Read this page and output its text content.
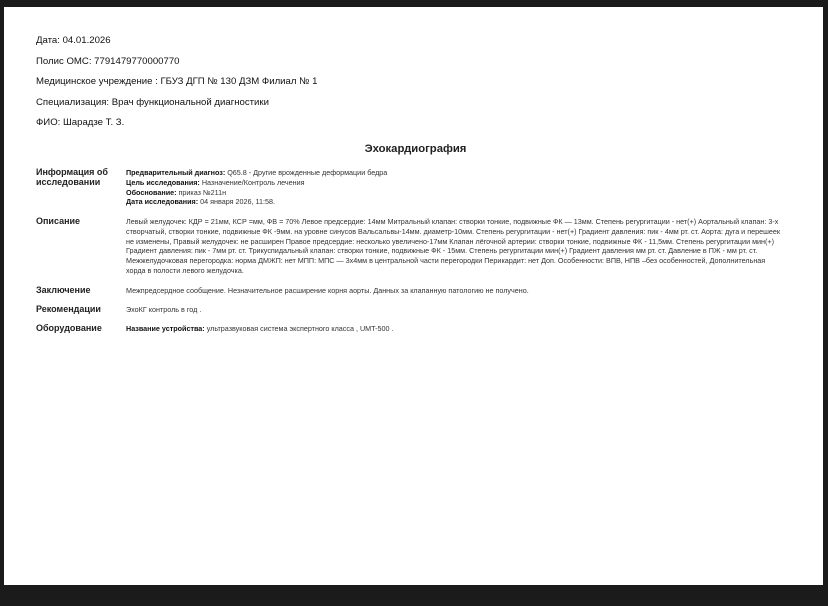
Дата: 04.01.2026
Полис ОМС: 7791479770000770
Медицинское учреждение : ГБУЗ ДГП № 130 ДЗМ Филиал № 1
Специализация: Врач функциональной диагностики
ФИО: Шарадзе Т. З.
Эхокардиография
Информация об исследовании
Предварительный диагноз: Q65.8 - Другие врожденные деформации бедра
Цель исследования: Назначение/Контроль лечения
Обоснование: приказ №211н
Дата исследования: 04 января 2026, 11:58.
Описание	Левый желудочек: КДР = 21мм, КСР =мм, ФВ = 70% Левое предсердие: 14мм Митральный клапан: створки тонкие, подвижные ФК — 13мм. Степень регургитации - нет(+) Аортальный клапан: 3-х створчатый, створки тонкие, подвижные ФК -9мм. на уровне синусов Вальсальвы-14мм. диаметр-10мм. Степень регургитации - нет(+) Градиент давления: пик - 4мм рт. ст. Аорта: дуга и перешеек не изменены, Правый желудочек: не расширен Правое предсердие: несколько увеличено-17мм Клапан лёгочной артерии: створки тонкие, подвижные ФК - 11,5мм. Степень регургитации мин(+) Градиент давления: пик - 7мм рт. ст. Трикуспидальный клапан: створки тонкие, подвижные ФК - 15мм. Степень регургитации мин(+) Градиент давления мм рт. ст. Давление в ПЖ - мм рт. ст. Межжелудочковая перегородка: норма ДМЖП: нет МПП: МПС — 3х4мм в центральной части перегородки Перикардит: нет Доп. Особенности: ВПВ, НПВ –без особенностей, Дополнительная хорда в полости левого желудочка.
Заключение	Межпредсердное сообщение. Незначительное расширение корня аорты. Данных за клапанную патологию не получено.
Рекомендации	ЭхоКГ контроль в год .
Оборудование	Название устройства: ультразвуковая система экспертного класса , UMT-500 .
